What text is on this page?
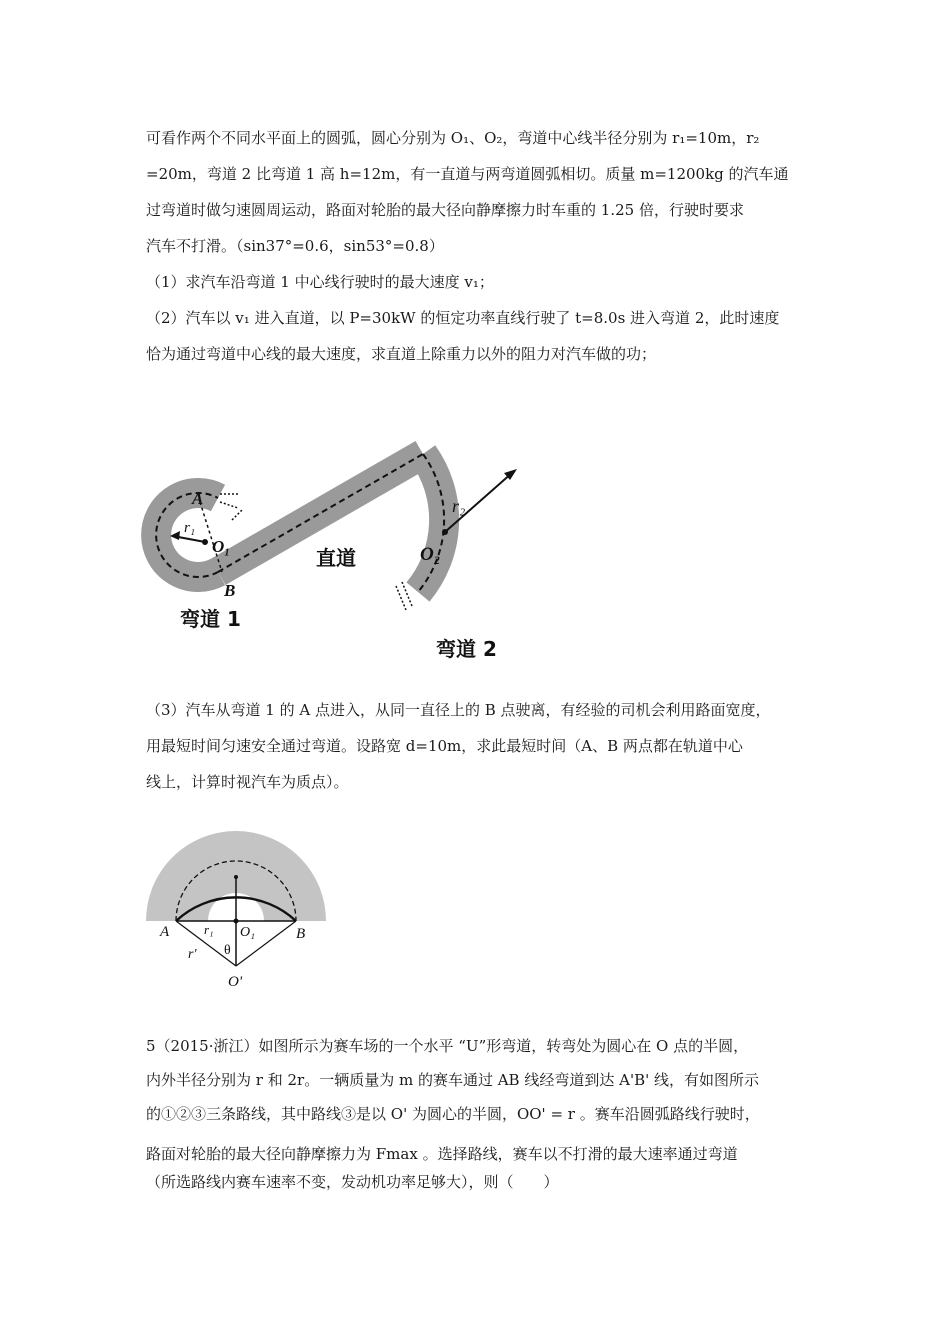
可看作两个不同水平面上的圆弧，圆心分别为 O₁、O₂，弯道中心线半径分别为 r₁=10m，r₂
=20m，弯道 2 比弯道 1 高 h=12m，有一直道与两弯道圆弧相切。质量 m=1200kg 的汽车通
过弯道时做匀速圆周运动，路面对轮胎的最大径向静摩擦力时车重的 1.25 倍，行驶时要求
汽车不打滑。（sin37°=0.6，sin53°=0.8）
（1）求汽车沿弯道 1 中心线行驶时的最大速度 v₁；
（2）汽车以 v₁ 进入直道，以 P=30kW 的恒定功率直线行驶了 t=8.0s 进入弯道 2，此时速度
恰为通过弯道中心线的最大速度，求直道上除重力以外的阻力对汽车做的功；
A
r₁
O₁
B
直道
r₂
O₂
弯道 1
弯道 2
（3）汽车从弯道 1 的 A 点进入，从同一直径上的 B 点驶离，有经验的司机会利用路面宽度，
用最短时间匀速安全通过弯道。设路宽 d=10m，求此最短时间（A、B 两点都在轨道中心
线上，计算时视汽车为质点）。
A	B
r₁ O₁
θ
r'
O'
5（2015·浙江）如图所示为赛车场的一个水平 “U”形弯道，转弯处为圆心在 O 点的半圆，
内外半径分别为 r 和 2r。一辆质量为 m 的赛车通过 AB 线经弯道到达 A'B' 线，有如图所示
的①②③三条路线，其中路线③是以 O' 为圆心的半圆，OO' = r 。赛车沿圆弧路线行驶时，
路面对轮胎的最大径向静摩擦力为 Fmax 。选择路线，赛车以不打滑的最大速率通过弯道
（所选路线内赛车速率不变，发动机功率足够大），则（　　）
